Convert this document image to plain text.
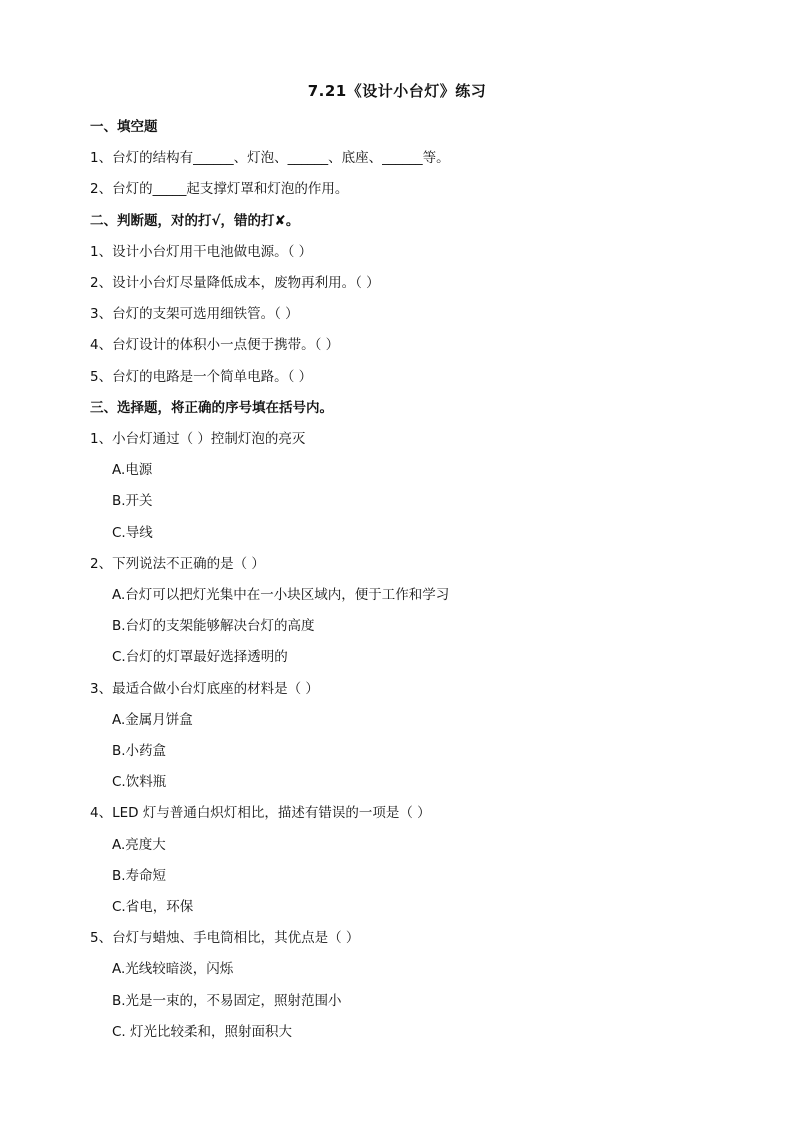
7.21《设计小台灯》练习
一、填空题
1、台灯的结构有______、灯泡、______、底座、______等。
2、台灯的_____起支撑灯罩和灯泡的作用。
二、判断题，对的打√，错的打✘。
1、设计小台灯用干电池做电源。（ ）
2、设计小台灯尽量降低成本，废物再利用。（ ）
3、台灯的支架可选用细铁管。（ ）
4、台灯设计的体积小一点便于携带。（ ）
5、台灯的电路是一个简单电路。（ ）
三、选择题，将正确的序号填在括号内。
1、小台灯通过（ ）控制灯泡的亮灭
A.电源
B.开关
C.导线
2、下列说法不正确的是（ ）
A.台灯可以把灯光集中在一小块区域内，便于工作和学习
B.台灯的支架能够解决台灯的高度
C.台灯的灯罩最好选择透明的
3、最适合做小台灯底座的材料是（ ）
A.金属月饼盒
B.小药盒
C.饮料瓶
4、LED 灯与普通白炽灯相比，描述有错误的一项是（ ）
A.亮度大
B.寿命短
C.省电，环保
5、台灯与蜡烛、手电筒相比，其优点是（ ）
A.光线较暗淡，闪烁
B.光是一束的，不易固定，照射范围小
C. 灯光比较柔和，照射面积大
